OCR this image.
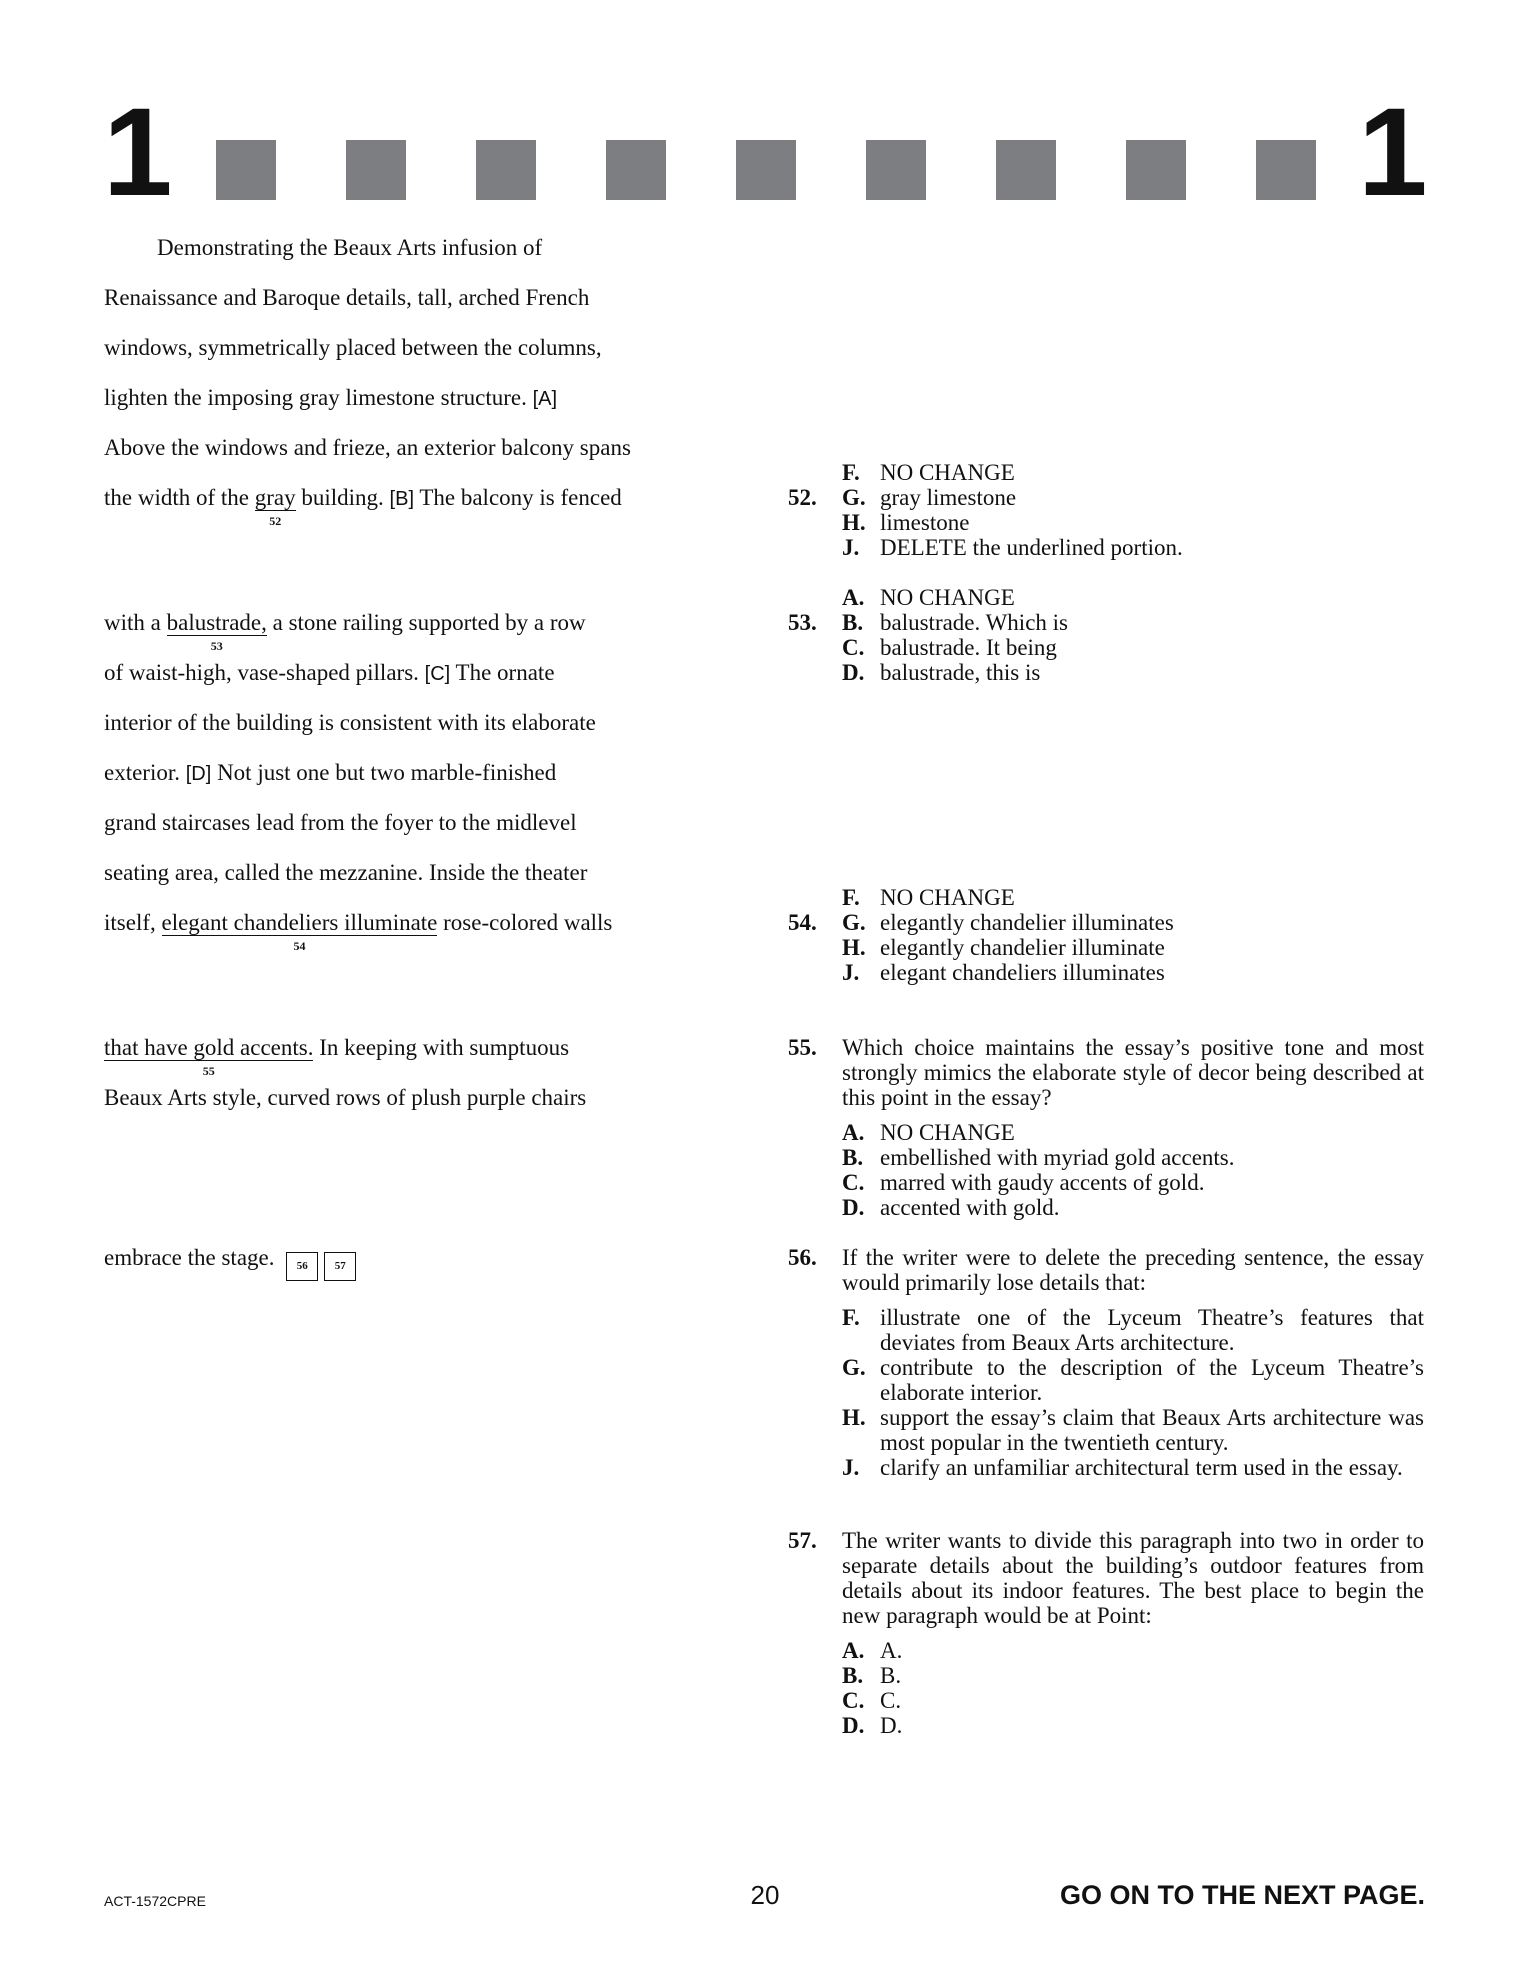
1	1
Demonstrating the Beaux Arts infusion of
Renaissance and Baroque details, tall, arched French
windows, symmetrically placed between the columns,
lighten the imposing gray limestone structure. [A]
Above the windows and frieze, an exterior balcony spans
the width of the gray
52
building. [B] The balcony is fenced
with a balustrade,
53
a stone railing supported by a row
of waist-high, vase-shaped pillars. [C] The ornate
interior of the building is consistent with its elaborate
exterior. [D] Not just one but two marble-finished
grand staircases lead from the foyer to the midlevel
seating area, called the mezzanine. Inside the theater
itself, elegant chandeliers illuminate
54
rose-colored walls
that have gold accents.
55
In keeping with sumptuous
Beaux Arts style, curved rows of plush purple chairs
embrace the stage. 56 57
52.
F. NO CHANGE
G. gray limestone
H. limestone
J. DELETE the underlined portion.
53.
A. NO CHANGE
B. balustrade. Which is
C. balustrade. It being
D. balustrade, this is
54.
F. NO CHANGE
G. elegantly chandelier illuminates
H. elegantly chandelier illuminate
J. elegant chandeliers illuminates
55. Which choice maintains the essay’s positive tone and most strongly mimics the elaborate style of decor being described at this point in the essay?
A. NO CHANGE
B. embellished with myriad gold accents.
C. marred with gaudy accents of gold.
D. accented with gold.
56. If the writer were to delete the preceding sentence, the essay would primarily lose details that:
F. illustrate one of the Lyceum Theatre’s features that deviates from Beaux Arts architecture.
G. contribute to the description of the Lyceum Theatre’s elaborate interior.
H. support the essay’s claim that Beaux Arts architecture was most popular in the twentieth century.
J. clarify an unfamiliar architectural term used in the essay.
57. The writer wants to divide this paragraph into two in order to separate details about the building’s outdoor features from details about its indoor features. The best place to begin the new paragraph would be at Point:
A. A.
B. B.
C. C.
D. D.
ACT-1572CPRE	20	GO ON TO THE NEXT PAGE.
